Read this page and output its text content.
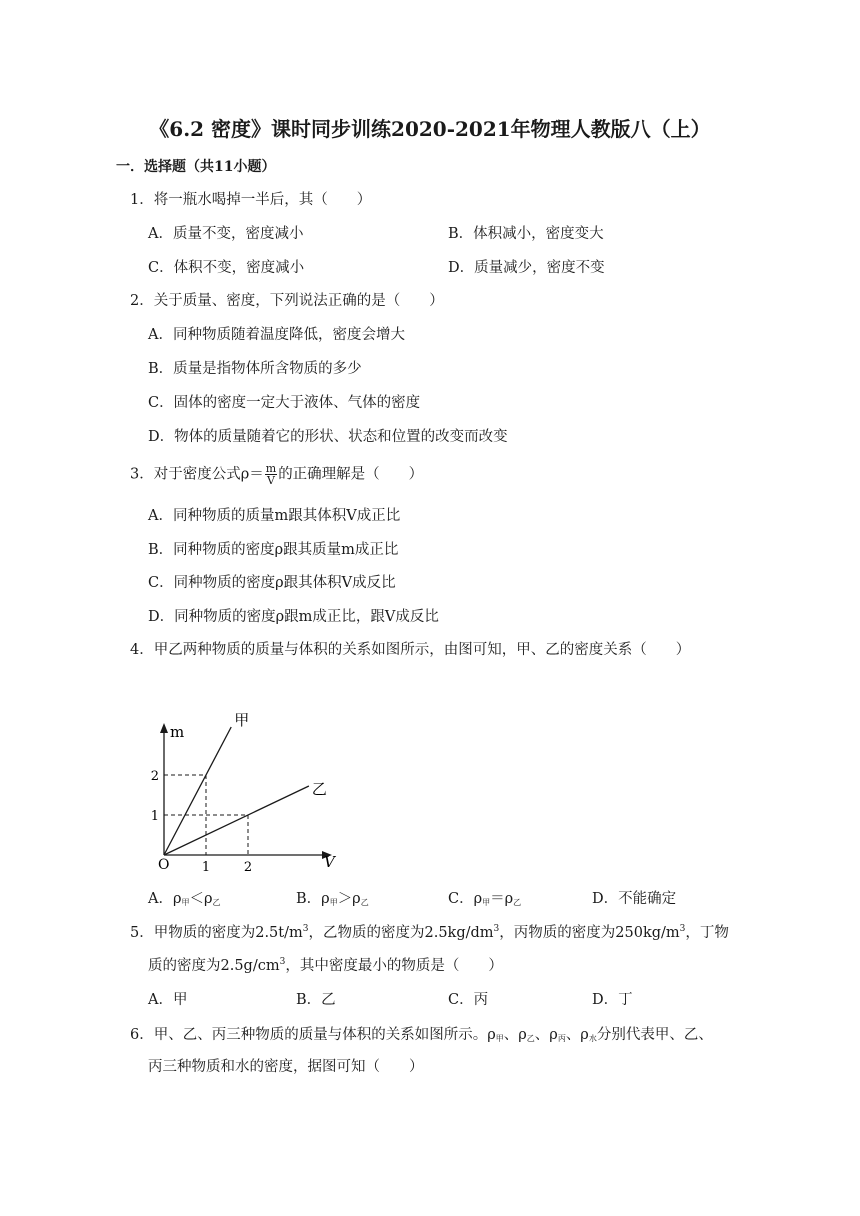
《6.2 密度》课时同步训练2020-2021年物理人教版八（上）
一．选择题（共11小题）
1．将一瓶水喝掉一半后，其（　　）
A．质量不变，密度减小	B．体积减小，密度变大
C．体积不变，密度减小	D．质量减少，密度不变
2．关于质量、密度，下列说法正确的是（　　）
A．同种物质随着温度降低，密度会增大
B．质量是指物体所含物质的多少
C．固体的密度一定大于液体、气体的密度
D．物体的质量随着它的形状、状态和位置的改变而改变
3．对于密度公式$\rho= \frac{m}{V}$ 的正确理解是（　　）
A．同种物质的质量m跟其体积V成正比
B．同种物质的密度ρ跟其质量m成正比
C．同种物质的密度ρ跟其体积V成反比
D．同种物质的密度ρ跟m成正比，跟V成反比
4．甲乙两种物质的质量与体积的关系如图所示，由图可知，甲、乙的密度关系（　　）
m
V
O 1	2
1
2
甲
乙
A．$\rho_甲<\rho_乙$	B．$\rho_甲>\rho_乙$	C．$\rho_甲=\rho_乙$	D．不能确定
5．甲物质的密度为$2.5t/m^3$，乙物质的密度为$2.5kg/dm^3$，丙物质的密度为$250kg/m^3$，丁物
质的密度为$2.5g/cm^3$，其中密度最小的物质是（　　）
A．甲	B．乙	C．丙	D．丁
6．甲、乙、丙三种物质的质量与体积的关系如图所示。$\rho_甲$、$\rho_乙$、$\rho_丙$、$\rho_水$分别代表甲、乙、
丙三种物质和水的密度，据图可知（　　）
